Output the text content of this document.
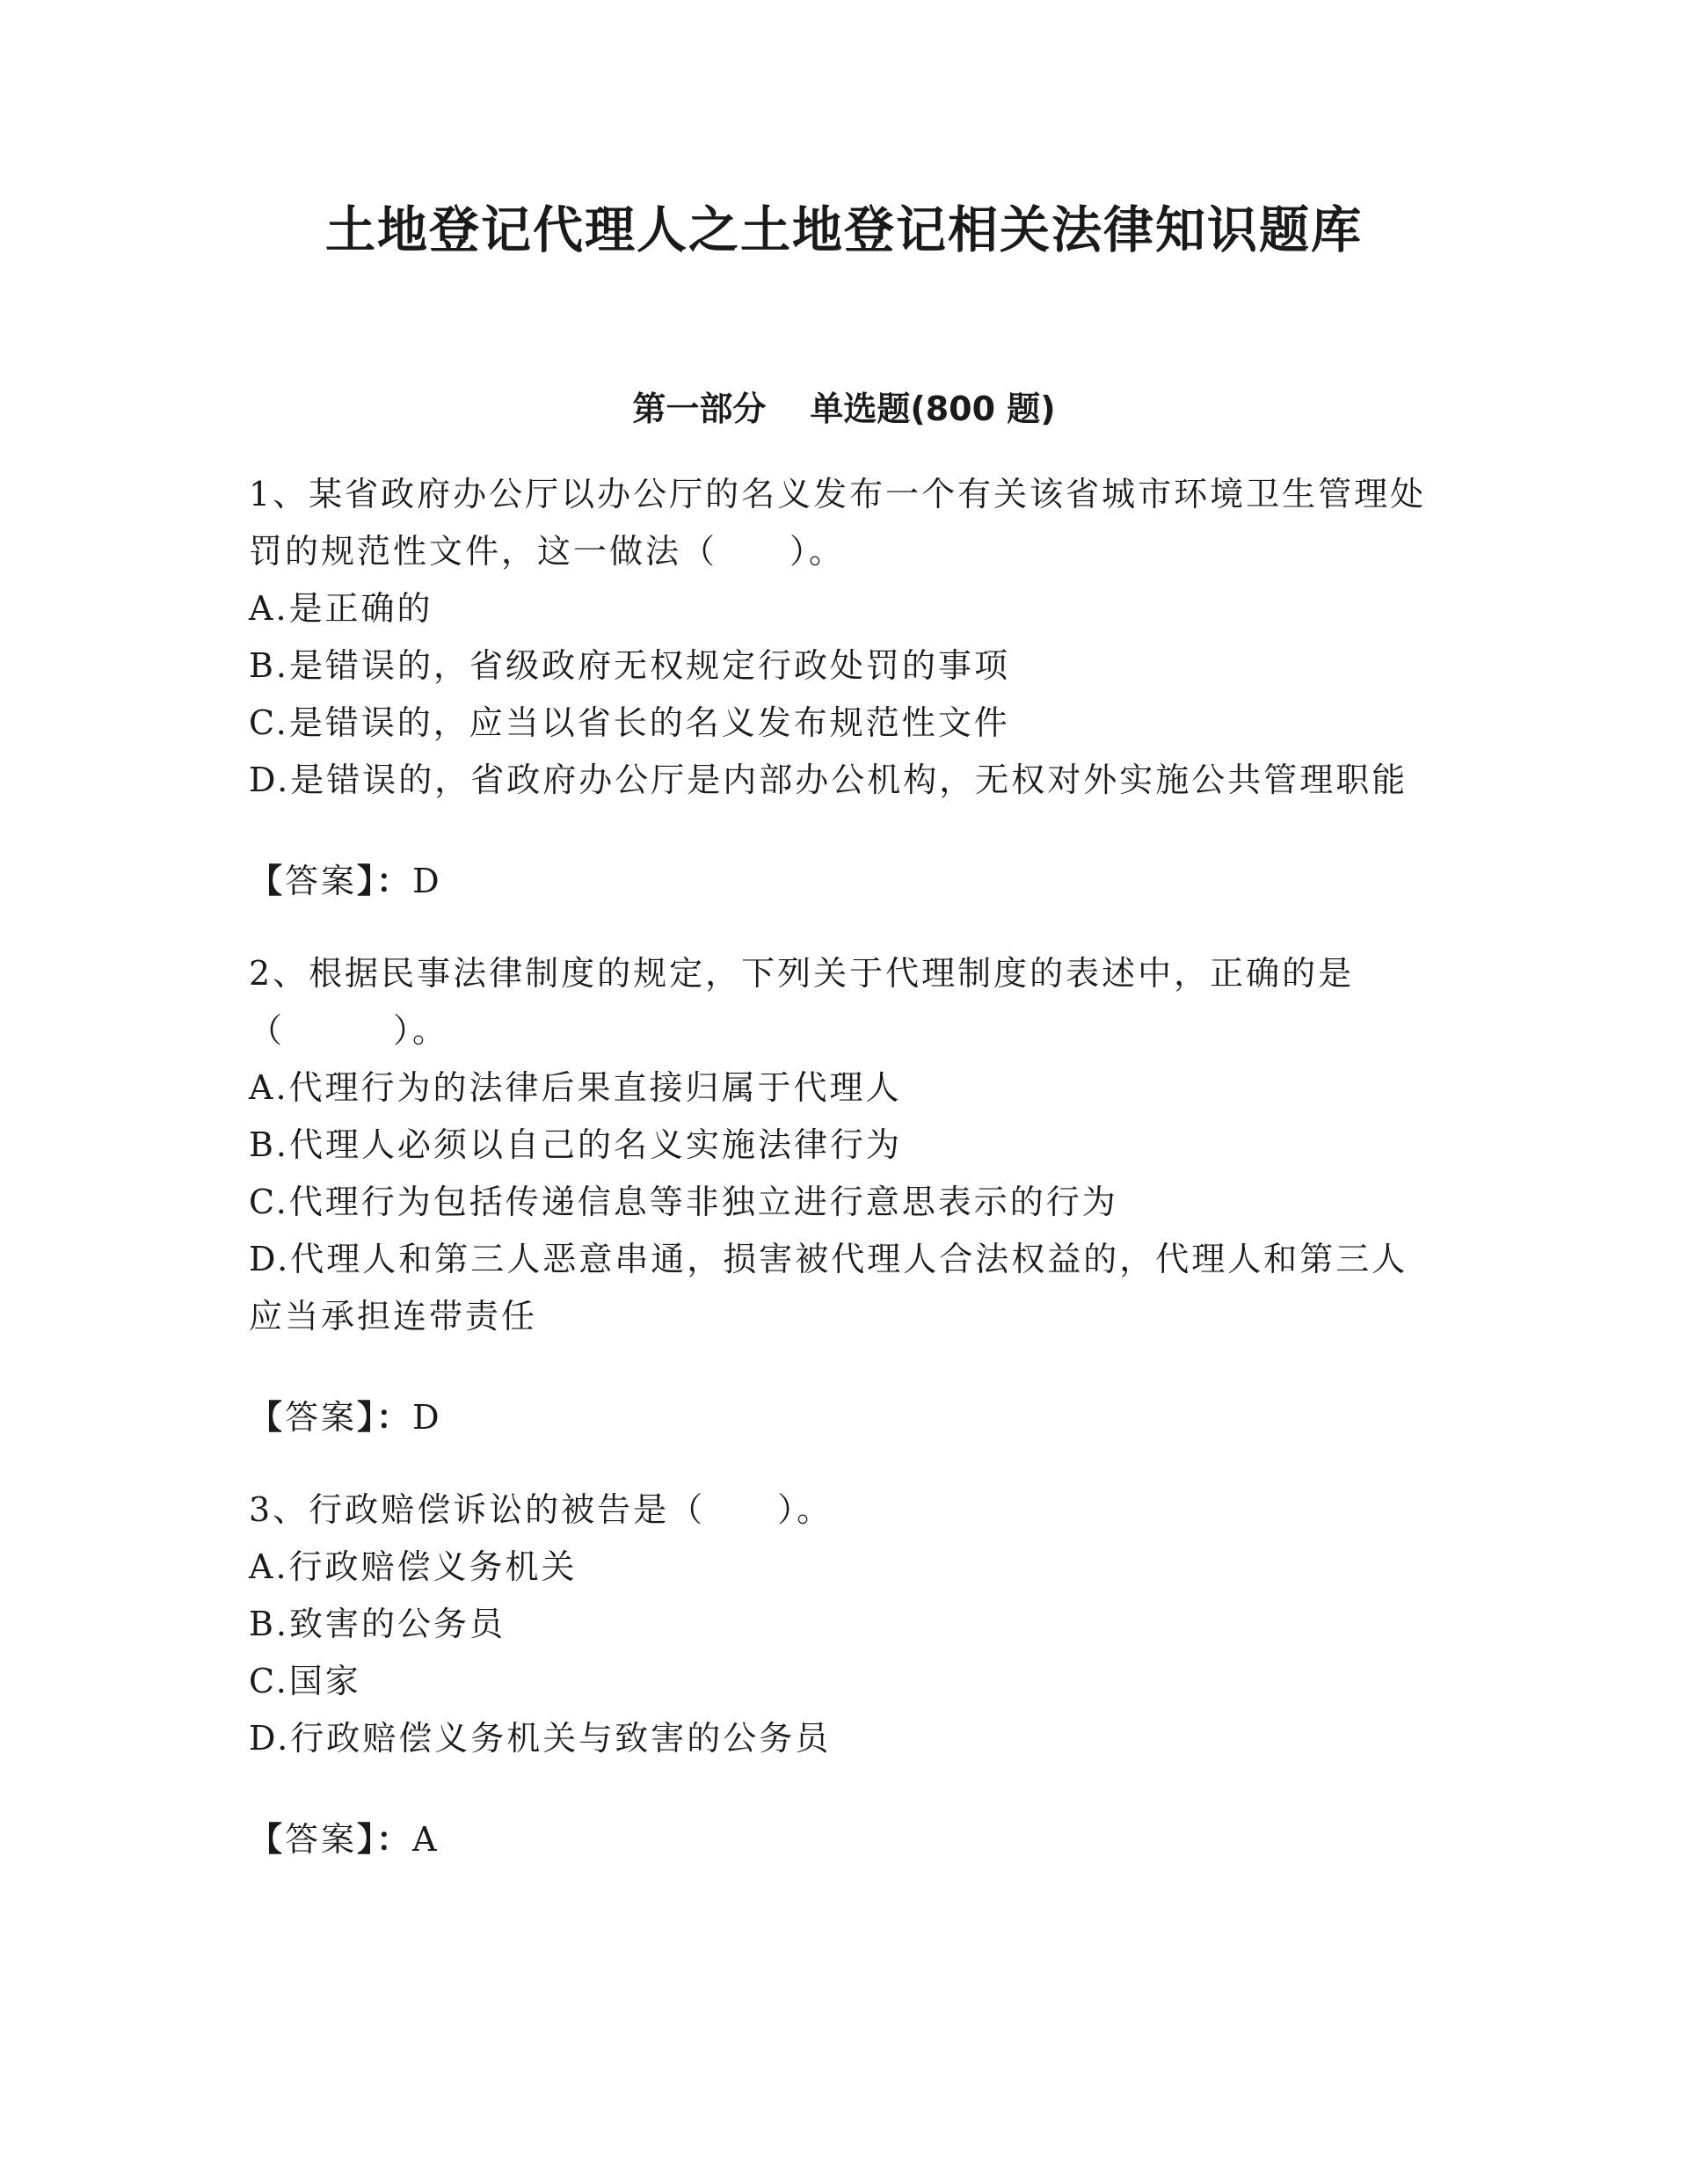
土地登记代理人之土地登记相关法律知识题库
第一部分 单选题(800 题)

1、某省政府办公厅以办公厅的名义发布一个有关该省城市环境卫生管理处罚的规范性文件，这一做法（　　）。

A.是正确的

B.是错误的，省级政府无权规定行政处罚的事项

C.是错误的，应当以省长的名义发布规范性文件

D.是错误的，省政府办公厅是内部办公机构，无权对外实施公共管理职能

【答案】：D

2、根据民事法律制度的规定，下列关于代理制度的表述中，正确的是（　　　）。

A.代理行为的法律后果直接归属于代理人

B.代理人必须以自己的名义实施法律行为

C.代理行为包括传递信息等非独立进行意思表示的行为

D.代理人和第三人恶意串通，损害被代理人合法权益的，代理人和第三人应当承担连带责任

【答案】：D

3、行政赔偿诉讼的被告是（　　）。

A.行政赔偿义务机关

B.致害的公务员

C.国家

D.行政赔偿义务机关与致害的公务员

【答案】：A
